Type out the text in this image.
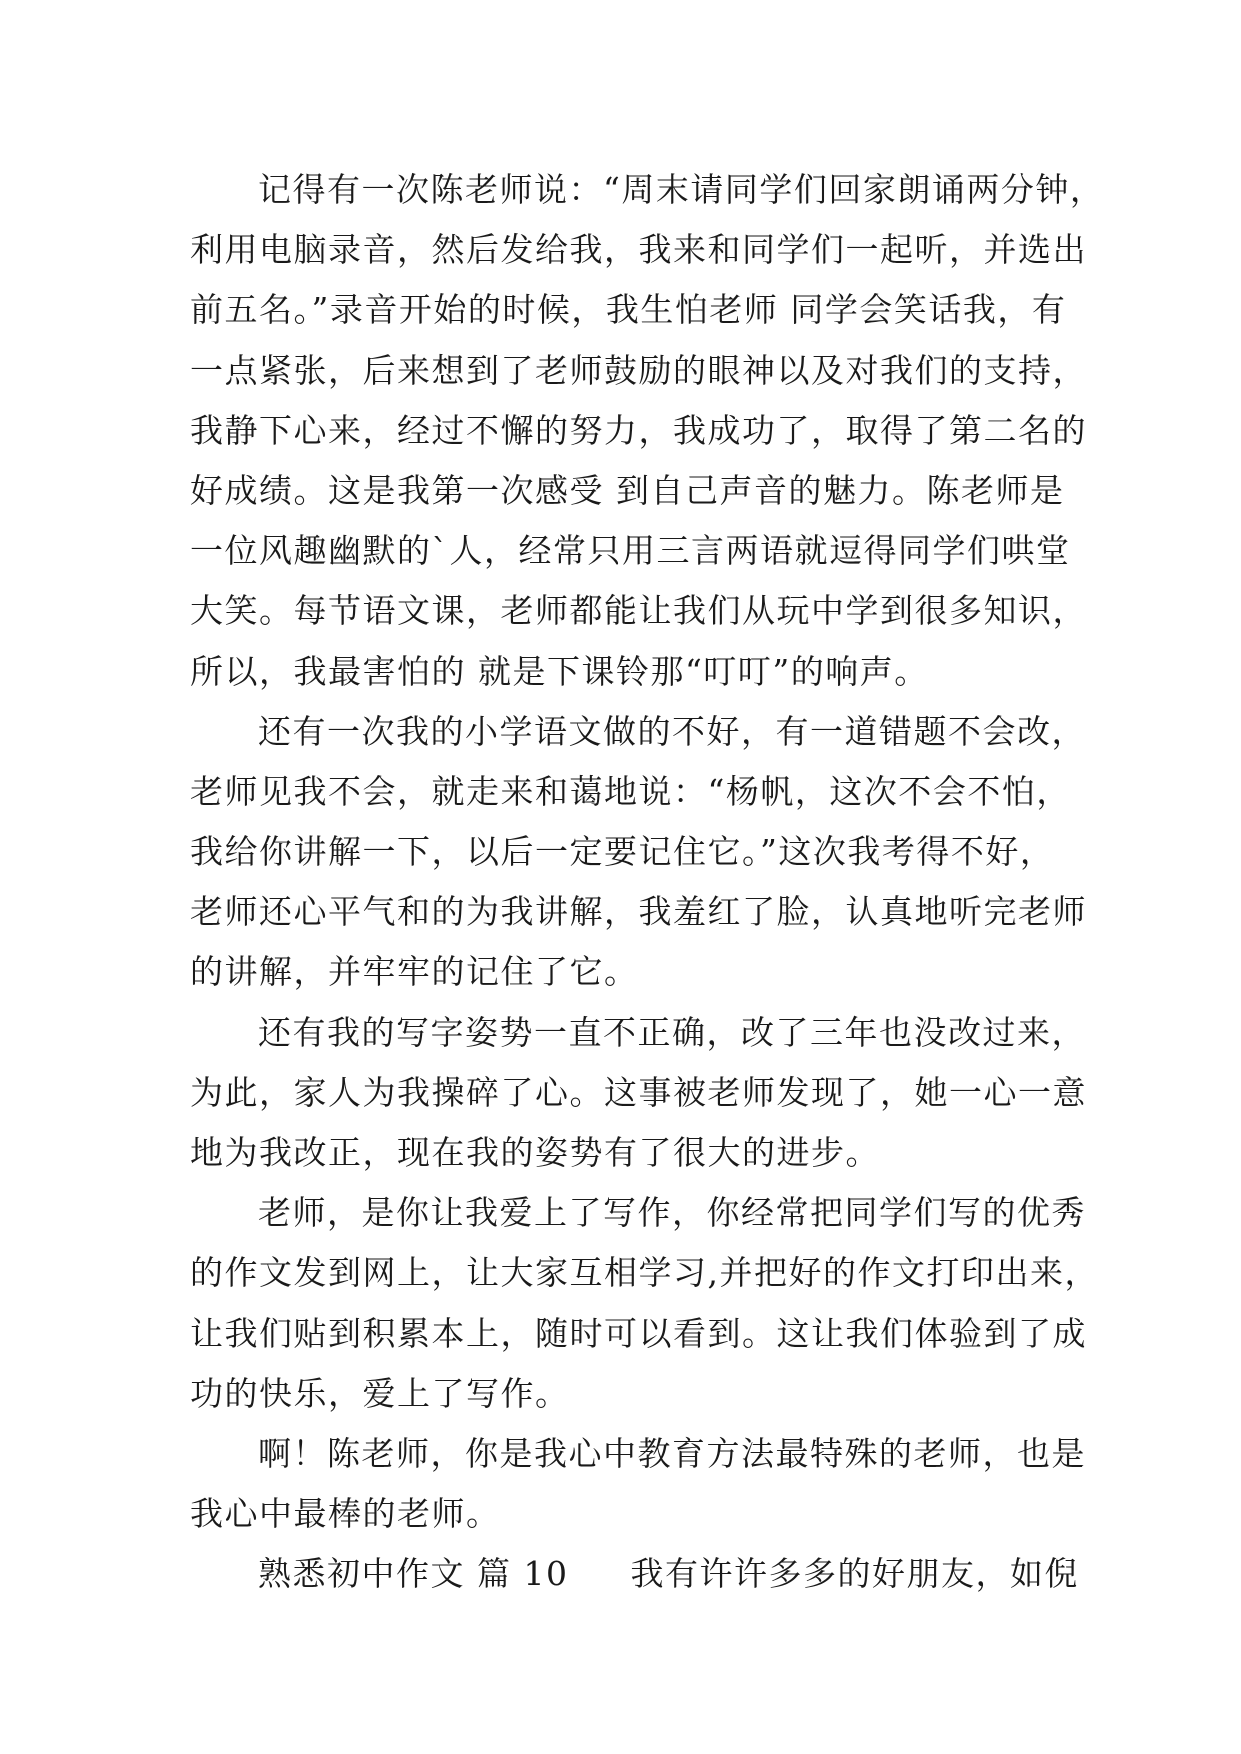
记得有一次陈老师说：“周末请同学们回家朗诵两分钟，
利用电脑录音，然后发给我，我来和同学们一起听，并选出
前五名。”录音开始的时候，我生怕老师 同学会笑话我，有
一点紧张，后来想到了老师鼓励的眼神以及对我们的支持，
我静下心来，经过不懈的努力，我成功了，取得了第二名的
好成绩。这是我第一次感受 到自己声音的魅力。陈老师是
一位风趣幽默的`人，经常只用三言两语就逗得同学们哄堂
大笑。每节语文课，老师都能让我们从玩中学到很多知识，
所以，我最害怕的 就是下课铃那“叮叮”的响声。
还有一次我的小学语文做的不好，有一道错题不会改，
老师见我不会，就走来和蔼地说：“杨帆，这次不会不怕，
我给你讲解一下，以后一定要记住它。”这次我考得不好，
老师还心平气和的为我讲解，我羞红了脸，认真地听完老师
的讲解，并牢牢的记住了它。
还有我的写字姿势一直不正确，改了三年也没改过来，
为此，家人为我操碎了心。这事被老师发现了，她一心一意
地为我改正，现在我的姿势有了很大的进步。
老师，是你让我爱上了写作，你经常把同学们写的优秀
的作文发到网上，让大家互相学习,并把好的作文打印出来，
让我们贴到积累本上，随时可以看到。这让我们体验到了成
功的快乐，爱上了写作。
啊！陈老师，你是我心中教育方法最特殊的老师，也是
我心中最棒的老师。
熟悉初中作文 篇 10 我有许许多多的好朋友，如倪
